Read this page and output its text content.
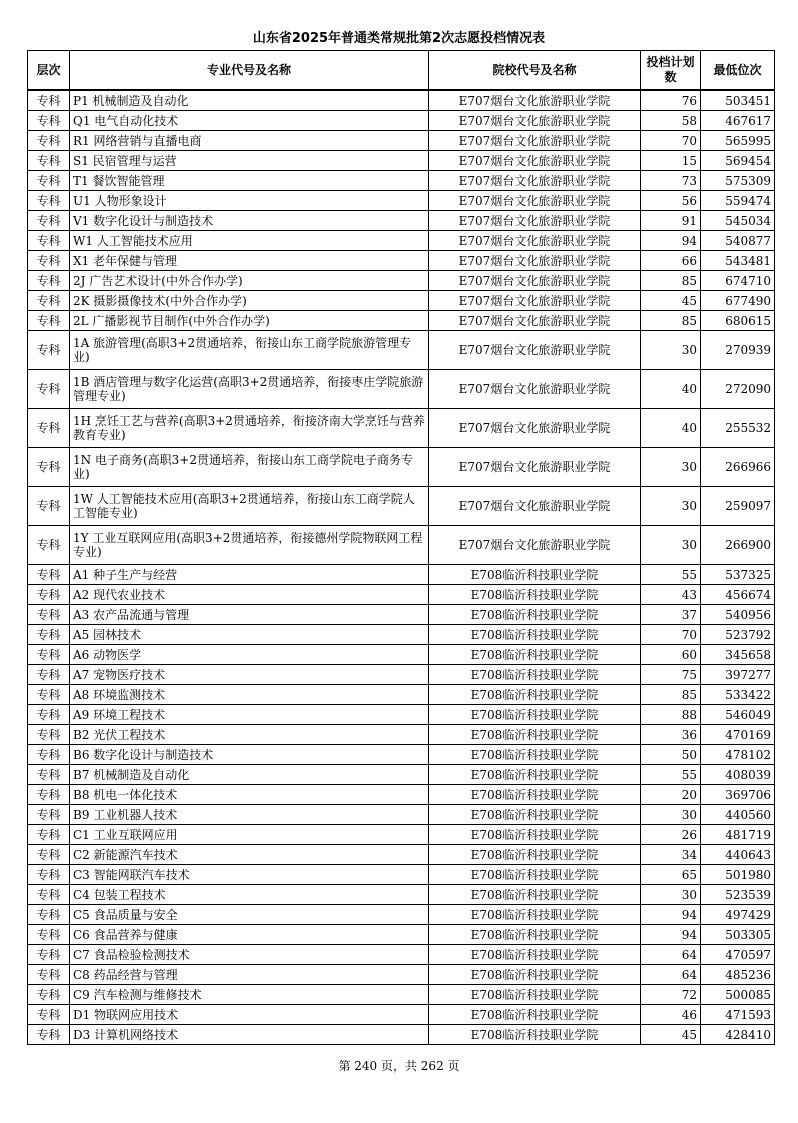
山东省2025年普通类常规批第2次志愿投档情况表
层次	专业代号及名称	院校代号及名称	投档计划数	最低位次
专科	P1 机械制造及自动化	E707烟台文化旅游职业学院	76	503451
专科	Q1 电气自动化技术	E707烟台文化旅游职业学院	58	467617
专科	R1 网络营销与直播电商	E707烟台文化旅游职业学院	70	565995
专科	S1 民宿管理与运营	E707烟台文化旅游职业学院	15	569454
专科	T1 餐饮智能管理	E707烟台文化旅游职业学院	73	575309
专科	U1 人物形象设计	E707烟台文化旅游职业学院	56	559474
专科	V1 数字化设计与制造技术	E707烟台文化旅游职业学院	91	545034
专科	W1 人工智能技术应用	E707烟台文化旅游职业学院	94	540877
专科	X1 老年保健与管理	E707烟台文化旅游职业学院	66	543481
专科	2J 广告艺术设计(中外合作办学)	E707烟台文化旅游职业学院	85	674710
专科	2K 摄影摄像技术(中外合作办学)	E707烟台文化旅游职业学院	45	677490
专科	2L 广播影视节目制作(中外合作办学)	E707烟台文化旅游职业学院	85	680615
专科	1A 旅游管理(高职3+2贯通培养，衔接山东工商学院旅游管理专业)	E707烟台文化旅游职业学院	30	270939
专科	1B 酒店管理与数字化运营(高职3+2贯通培养，衔接枣庄学院旅游管理专业)	E707烟台文化旅游职业学院	40	272090
专科	1H 烹饪工艺与营养(高职3+2贯通培养，衔接济南大学烹饪与营养教育专业)	E707烟台文化旅游职业学院	40	255532
专科	1N 电子商务(高职3+2贯通培养，衔接山东工商学院电子商务专业)	E707烟台文化旅游职业学院	30	266966
专科	1W 人工智能技术应用(高职3+2贯通培养，衔接山东工商学院人工智能专业)	E707烟台文化旅游职业学院	30	259097
专科	1Y 工业互联网应用(高职3+2贯通培养，衔接德州学院物联网工程专业)	E707烟台文化旅游职业学院	30	266900
专科	A1 种子生产与经营	E708临沂科技职业学院	55	537325
专科	A2 现代农业技术	E708临沂科技职业学院	43	456674
专科	A3 农产品流通与管理	E708临沂科技职业学院	37	540956
专科	A5 园林技术	E708临沂科技职业学院	70	523792
专科	A6 动物医学	E708临沂科技职业学院	60	345658
专科	A7 宠物医疗技术	E708临沂科技职业学院	75	397277
专科	A8 环境监测技术	E708临沂科技职业学院	85	533422
专科	A9 环境工程技术	E708临沂科技职业学院	88	546049
专科	B2 光伏工程技术	E708临沂科技职业学院	36	470169
专科	B6 数字化设计与制造技术	E708临沂科技职业学院	50	478102
专科	B7 机械制造及自动化	E708临沂科技职业学院	55	408039
专科	B8 机电一体化技术	E708临沂科技职业学院	20	369706
专科	B9 工业机器人技术	E708临沂科技职业学院	30	440560
专科	C1 工业互联网应用	E708临沂科技职业学院	26	481719
专科	C2 新能源汽车技术	E708临沂科技职业学院	34	440643
专科	C3 智能网联汽车技术	E708临沂科技职业学院	65	501980
专科	C4 包装工程技术	E708临沂科技职业学院	30	523539
专科	C5 食品质量与安全	E708临沂科技职业学院	94	497429
专科	C6 食品营养与健康	E708临沂科技职业学院	94	503305
专科	C7 食品检验检测技术	E708临沂科技职业学院	64	470597
专科	C8 药品经营与管理	E708临沂科技职业学院	64	485236
专科	C9 汽车检测与维修技术	E708临沂科技职业学院	72	500085
专科	D1 物联网应用技术	E708临沂科技职业学院	46	471593
专科	D3 计算机网络技术	E708临沂科技职业学院	45	428410
第 240 页，共 262 页
